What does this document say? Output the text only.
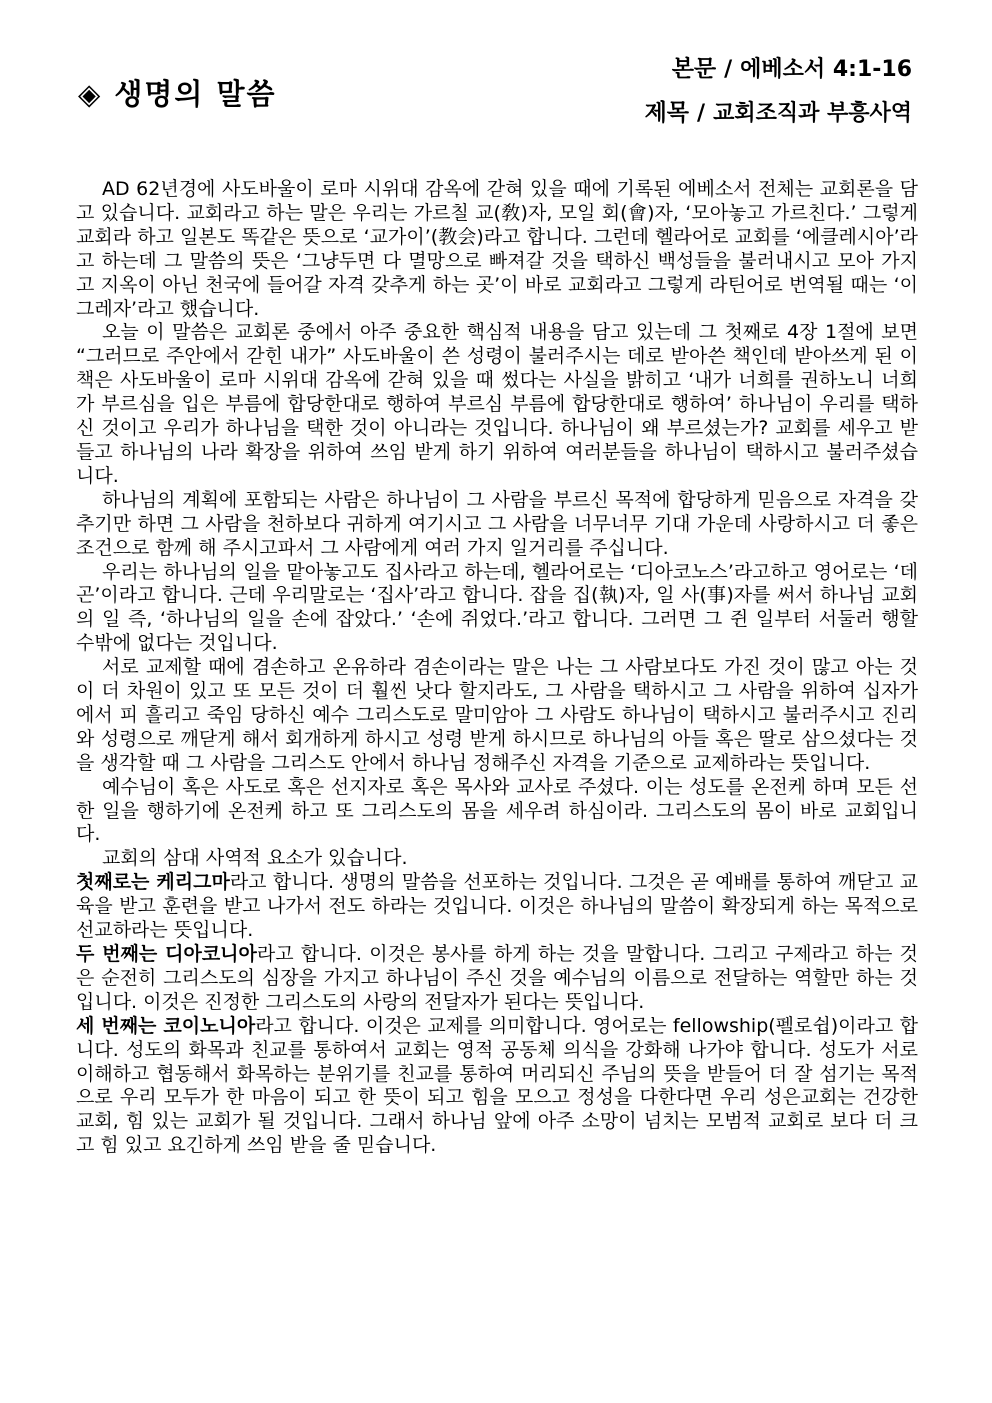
◈ 생명의 말씀
본문 / 에베소서 4:1-16
제목 / 교회조직과 부흥사역

AD 62년경에 사도바울이 로마 시위대 감옥에 갇혀 있을 때에 기록된 에베소서 전체는 교회론을 담고 있습니다. 교회라고 하는 말은 우리는 가르칠 교(敎)자, 모일 회(會)자, ‘모아놓고 가르친다.’ 그렇게 교회라 하고 일본도 똑같은 뜻으로 ‘교가이’(教会)라고 합니다. 그런데 헬라어로 교회를 ‘에클레시아’라고 하는데 그 말씀의 뜻은 ‘그냥두면 다 멸망으로 빠져갈 것을 택하신 백성들을 불러내시고 모아 가지고 지옥이 아닌 천국에 들어갈 자격 갖추게 하는 곳’이 바로 교회라고 그렇게 라틴어로 번역될 때는 ‘이그레자’라고 했습니다.

오늘 이 말씀은 교회론 중에서 아주 중요한 핵심적 내용을 담고 있는데 그 첫째로 4장 1절에 보면 “그러므로 주안에서 갇힌 내가” 사도바울이 쓴 성령이 불러주시는 데로 받아쓴 책인데 받아쓰게 된 이 책은 사도바울이 로마 시위대 감옥에 갇혀 있을 때 썼다는 사실을 밝히고 ‘내가 너희를 권하노니 너희가 부르심을 입은 부름에 합당한대로 행하여 부르심 부름에 합당한대로 행하여’ 하나님이 우리를 택하신 것이고 우리가 하나님을 택한 것이 아니라는 것입니다. 하나님이 왜 부르셨는가? 교회를 세우고 받들고 하나님의 나라 확장을 위하여 쓰임 받게 하기 위하여 여러분들을 하나님이 택하시고 불러주셨습니다.

하나님의 계획에 포함되는 사람은 하나님이 그 사람을 부르신 목적에 합당하게 믿음으로 자격을 갖추기만 하면 그 사람을 천하보다 귀하게 여기시고 그 사람을 너무너무 기대 가운데 사랑하시고 더 좋은 조건으로 함께 해 주시고파서 그 사람에게 여러 가지 일거리를 주십니다.

우리는 하나님의 일을 맡아놓고도 집사라고 하는데, 헬라어로는 ‘디아코노스’라고하고 영어로는 ‘데곤’이라고 합니다. 근데 우리말로는 ‘집사’라고 합니다. 잡을 집(執)자, 일 사(事)자를 써서 하나님 교회의 일 즉, ‘하나님의 일을 손에 잡았다.’ ‘손에 쥐었다.’라고 합니다. 그러면 그 쥔 일부터 서둘러 행할 수밖에 없다는 것입니다.

서로 교제할 때에 겸손하고 온유하라 겸손이라는 말은 나는 그 사람보다도 가진 것이 많고 아는 것이 더 차원이 있고 또 모든 것이 더 훨씬 낫다 할지라도, 그 사람을 택하시고 그 사람을 위하여 십자가에서 피 흘리고 죽임 당하신 예수 그리스도로 말미암아 그 사람도 하나님이 택하시고 불러주시고 진리와 성령으로 깨닫게 해서 회개하게 하시고 성령 받게 하시므로 하나님의 아들 혹은 딸로 삼으셨다는 것을 생각할 때 그 사람을 그리스도 안에서 하나님 정해주신 자격을 기준으로 교제하라는 뜻입니다.

예수님이 혹은 사도로 혹은 선지자로 혹은 목사와 교사로 주셨다. 이는 성도를 온전케 하며 모든 선한 일을 행하기에 온전케 하고 또 그리스도의 몸을 세우려 하심이라. 그리스도의 몸이 바로 교회입니다.

교회의 삼대 사역적 요소가 있습니다.

첫째로는 케리그마라고 합니다. 생명의 말씀을 선포하는 것입니다. 그것은 곧 예배를 통하여 깨닫고 교육을 받고 훈련을 받고 나가서 전도 하라는 것입니다. 이것은 하나님의 말씀이 확장되게 하는 목적으로 선교하라는 뜻입니다.

두 번째는 디아코니아라고 합니다. 이것은 봉사를 하게 하는 것을 말합니다. 그리고 구제라고 하는 것은 순전히 그리스도의 심장을 가지고 하나님이 주신 것을 예수님의 이름으로 전달하는 역할만 하는 것입니다. 이것은 진정한 그리스도의 사랑의 전달자가 된다는 뜻입니다.

세 번째는 코이노니아라고 합니다. 이것은 교제를 의미합니다. 영어로는 fellowship(펠로쉽)이라고 합니다. 성도의 화목과 친교를 통하여서 교회는 영적 공동체 의식을 강화해 나가야 합니다. 성도가 서로 이해하고 협동해서 화목하는 분위기를 친교를 통하여 머리되신 주님의 뜻을 받들어 더 잘 섬기는 목적으로 우리 모두가 한 마음이 되고 한 뜻이 되고 힘을 모으고 정성을 다한다면 우리 성은교회는 건강한 교회, 힘 있는 교회가 될 것입니다. 그래서 하나님 앞에 아주 소망이 넘치는 모범적 교회로 보다 더 크고 힘 있고 요긴하게 쓰임 받을 줄 믿습니다.
